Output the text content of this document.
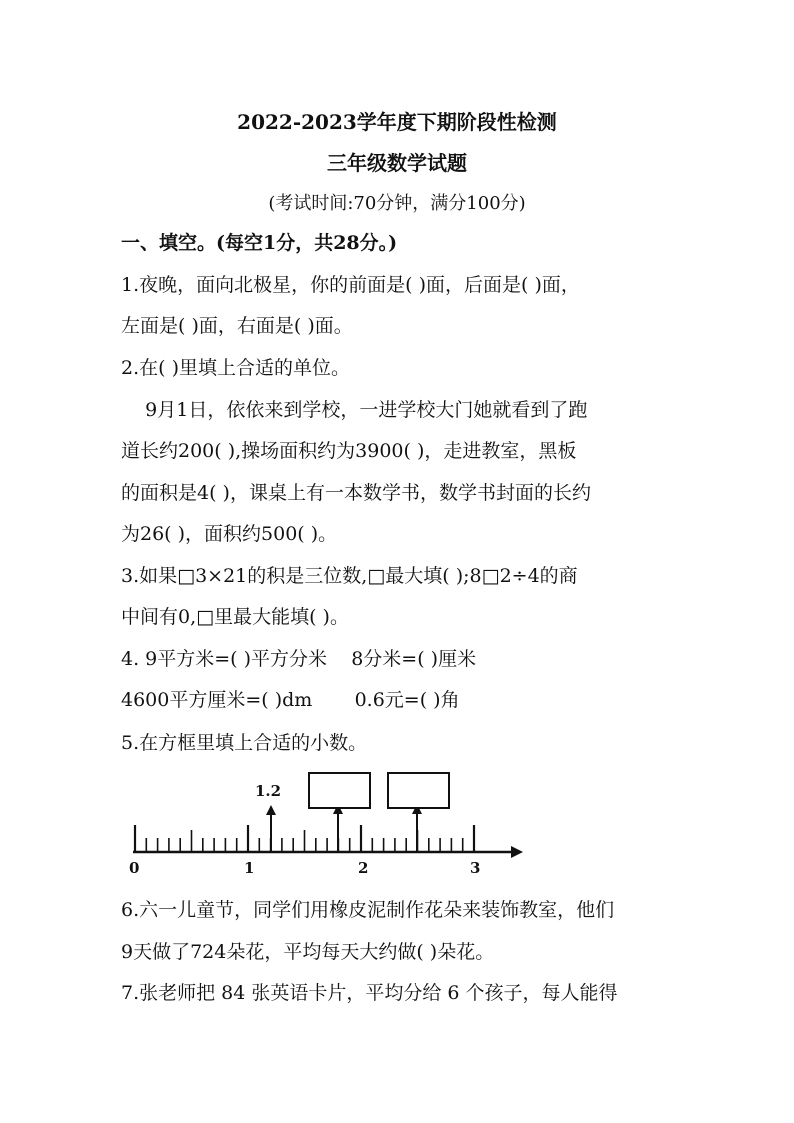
2022-2023学年度下期阶段性检测
三年级数学试题
(考试时间:70分钟，满分100分)
一、填空。(每空1分，共28分。)
1.夜晚，面向北极星，你的前面是( )面，后面是( )面，
左面是( )面，右面是( )面。
2.在( )里填上合适的单位。
9月1日，依依来到学校，一进学校大门她就看到了跑
道长约200( ),操场面积约为3900( )，走进教室，黑板
的面积是4( )，课桌上有一本数学书，数学书封面的长约
为26( )，面积约500( )。
3.如果□3×21的积是三位数,□最大填( );8□2÷4的商
中间有0,□里最大能填( )。
4. 9平方米=( )平方分米    8分米=( )厘米
4600平方厘米=( )dm       0.6元=( )角
5.在方框里填上合适的小数。
1.2
0	1	2	3
6.六一儿童节，同学们用橡皮泥制作花朵来装饰教室，他们
9天做了724朵花，平均每天大约做( )朵花。
7.张老师把 84 张英语卡片，平均分给 6 个孩子，每人能得
